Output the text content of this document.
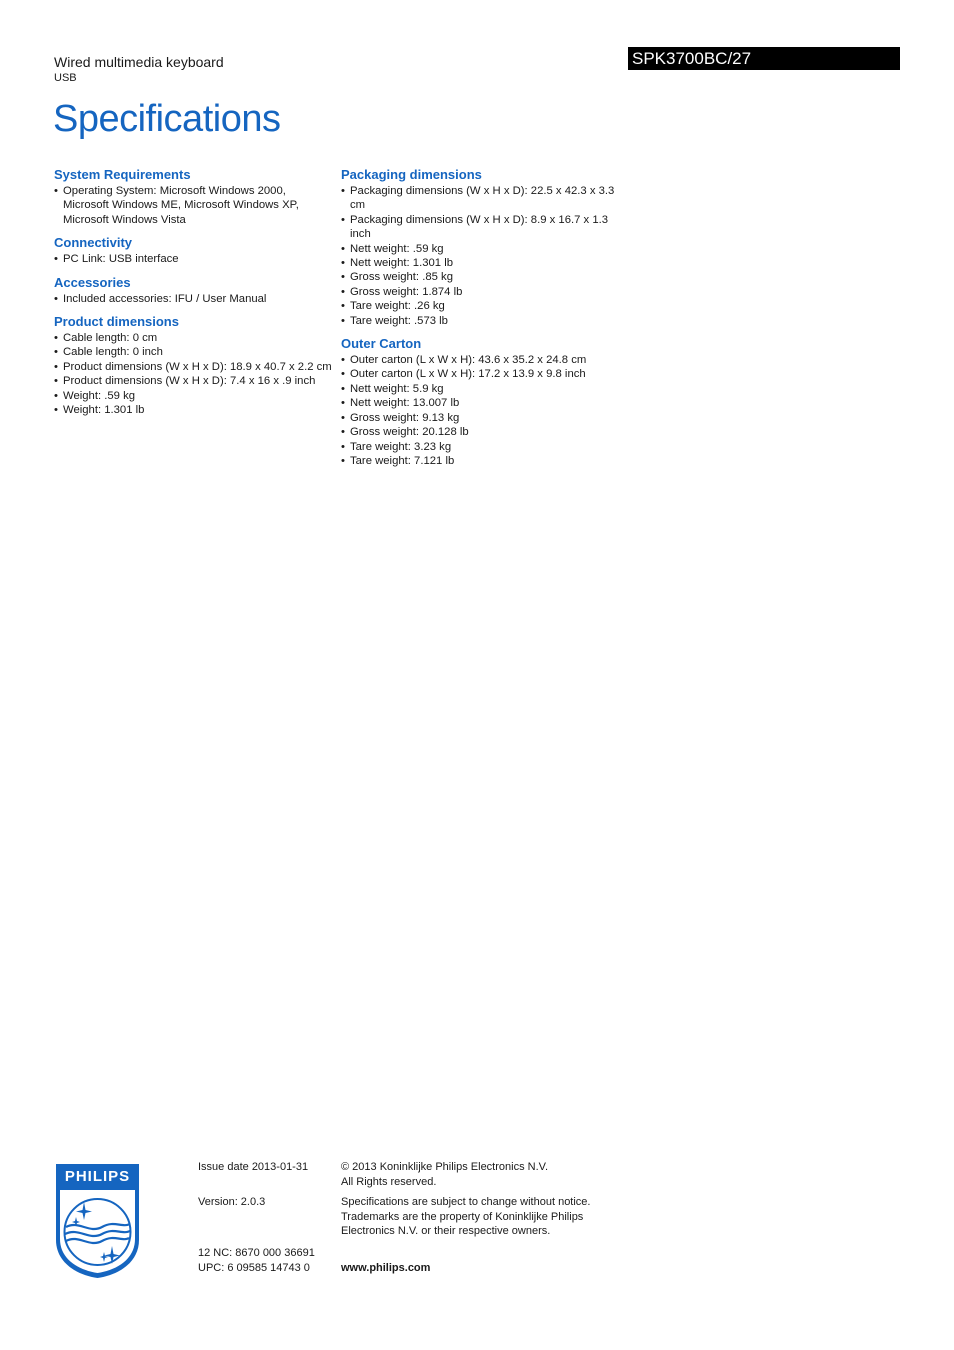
Wired multimedia keyboard
USB
Specifications
SPK3700BC/27
System Requirements
• Operating System: Microsoft Windows 2000, Microsoft Windows ME, Microsoft Windows XP, Microsoft Windows Vista
Connectivity
• PC Link: USB interface
Accessories
• Included accessories: IFU / User Manual
Product dimensions
• Cable length: 0 cm
• Cable length: 0 inch
• Product dimensions (W x H x D): 18.9 x 40.7 x 2.2 cm
• Product dimensions (W x H x D): 7.4 x 16 x .9 inch
• Weight: .59 kg
• Weight: 1.301 lb
Packaging dimensions
• Packaging dimensions (W x H x D): 22.5 x 42.3 x 3.3 cm
• Packaging dimensions (W x H x D): 8.9 x 16.7 x 1.3 inch
• Nett weight: .59 kg
• Nett weight: 1.301 lb
• Gross weight: .85 kg
• Gross weight: 1.874 lb
• Tare weight: .26 kg
• Tare weight: .573 lb
Outer Carton
• Outer carton (L x W x H): 43.6 x 35.2 x 24.8 cm
• Outer carton (L x W x H): 17.2 x 13.9 x 9.8 inch
• Nett weight: 5.9 kg
• Nett weight: 13.007 lb
• Gross weight: 9.13 kg
• Gross weight: 20.128 lb
• Tare weight: 3.23 kg
• Tare weight: 7.121 lb
PHILIPS
Issue date 2013-01-31
Version: 2.0.3
12 NC: 8670 000 36691
UPC: 6 09585 14743 0
© 2013 Koninklijke Philips Electronics N.V.
All Rights reserved.
Specifications are subject to change without notice.
Trademarks are the property of Koninklijke Philips
Electronics N.V. or their respective owners.
www.philips.com
